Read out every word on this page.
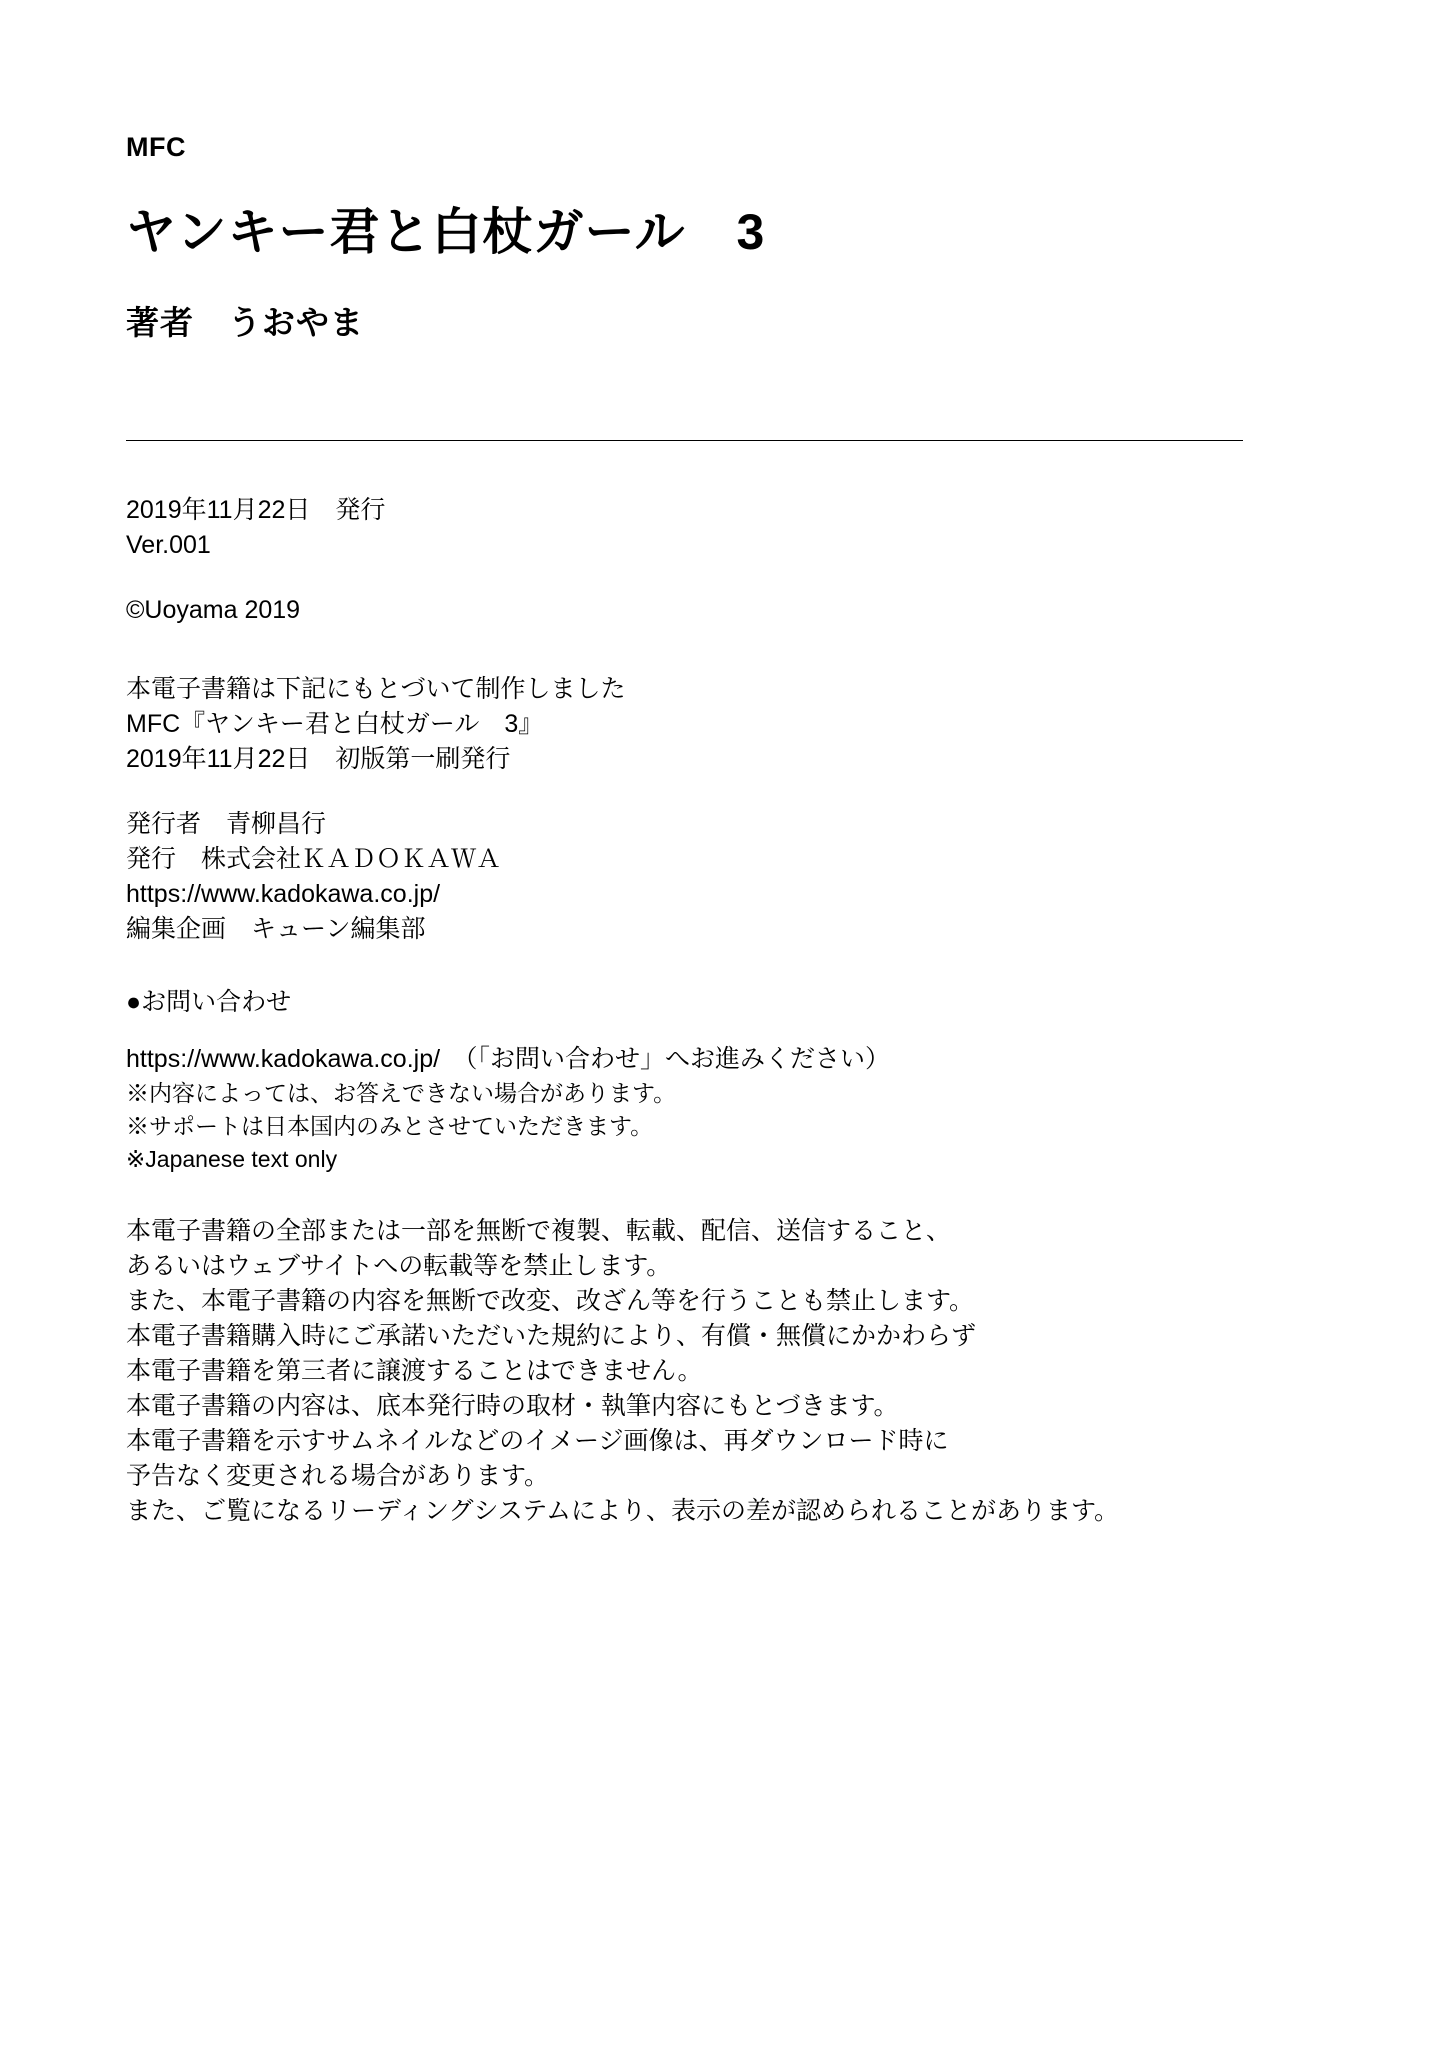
MFC
ヤンキー君と白杖ガール　3
著者　うおやま
2019年11月22日　発行
Ver.001
©Uoyama 2019
本電子書籍は下記にもとづいて制作しました
MFC『ヤンキー君と白杖ガール　3』
2019年11月22日　初版第一刷発行
発行者　青柳昌行
発行　株式会社ＫＡＤＯＫＡＷＡ
https://www.kadokawa.co.jp/
編集企画　キューン編集部
●お問い合わせ
https://www.kadokawa.co.jp/　（「お問い合わせ」へお進みください）
※内容によっては、お答えできない場合があります。
※サポートは日本国内のみとさせていただきます。
※Japanese text only
本電子書籍の全部または一部を無断で複製、転載、配信、送信すること、
あるいはウェブサイトへの転載等を禁止します。
また、本電子書籍の内容を無断で改変、改ざん等を行うことも禁止します。
本電子書籍購入時にご承諾いただいた規約により、有償・無償にかかわらず
本電子書籍を第三者に譲渡することはできません。
本電子書籍の内容は、底本発行時の取材・執筆内容にもとづきます。
本電子書籍を示すサムネイルなどのイメージ画像は、再ダウンロード時に
予告なく変更される場合があります。
また、ご覧になるリーディングシステムにより、表示の差が認められることがあります。
